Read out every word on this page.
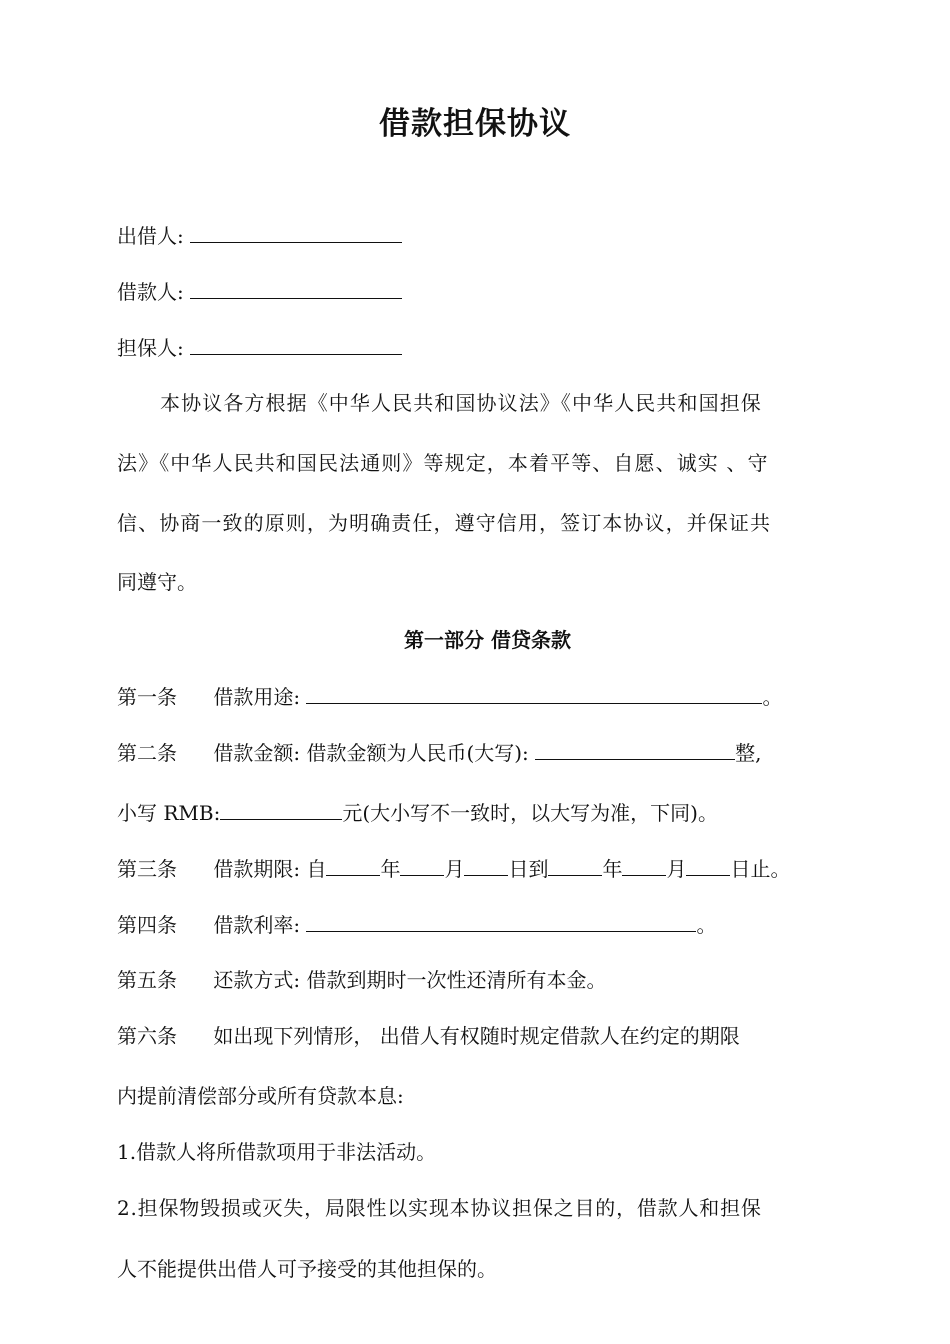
借款担保协议
出借人:
借款人:
担保人:
本协议各方根据《中华人民共和国协议法》《中华人民共和国担保
法》《中华人民共和国民法通则》等规定，本着平等、自愿、诚实 、守
信、协商一致的原则，为明确责任，遵守信用，签订本协议，并保证共
同遵守。
第一部分 借贷条款
第一条 借款用途:	。
第二条 借款金额: 借款金额为人民币(大写):	整,
小写 RMB:	元(大小写不一致时，以大写为准，下同)。
第三条 借款期限: 自	年 月 日到	年 月 日止。
第四条 借款利率:	。
第五条 还款方式: 借款到期时一次性还清所有本金。
第六条 如出现下列情形， 出借人有权随时规定借款人在约定的期限
内提前清偿部分或所有贷款本息:
1.借款人将所借款项用于非法活动。
2.担保物毁损或灭失，局限性以实现本协议担保之目的，借款人和担保
人不能提供出借人可予接受的其他担保的。
